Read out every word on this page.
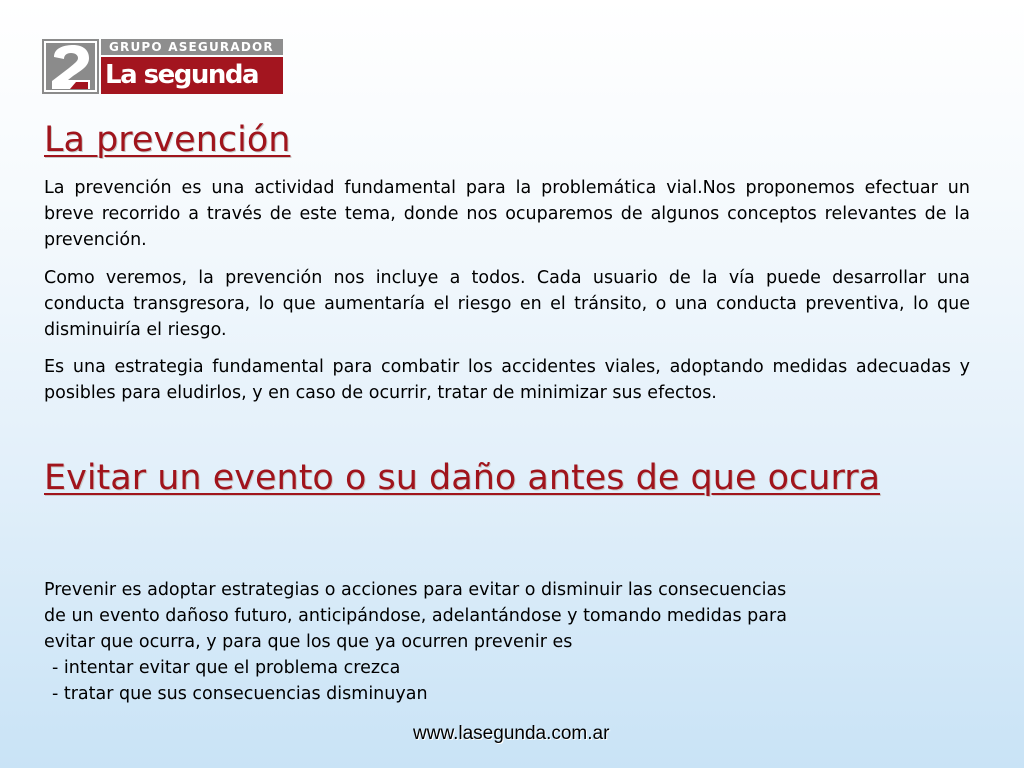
GRUPO ASEGURADOR
La segunda
La prevención

La prevención es una actividad fundamental para la problemática vial.Nos proponemos efectuar un breve recorrido a través de este tema, donde nos ocuparemos de algunos conceptos relevantes de la prevención.

Como veremos, la prevención nos incluye a todos. Cada usuario de la vía puede desarrollar una conducta transgresora, lo que aumentaría el riesgo en el tránsito, o una conducta preventiva, lo que disminuiría el riesgo.

Es una estrategia fundamental para combatir los accidentes viales, adoptando medidas adecuadas y posibles para eludirlos, y en caso de ocurrir, tratar de minimizar sus efectos.

Evitar un evento o su daño antes de que ocurra

Prevenir es adoptar estrategias o acciones para evitar o disminuir las consecuencias

de un evento dañoso futuro, anticipándose, adelantándose y tomando medidas para

evitar que ocurra, y para que los que ya ocurren prevenir es

- intentar evitar que el problema crezca

- tratar que sus consecuencias disminuyan

www.lasegunda.com.ar
